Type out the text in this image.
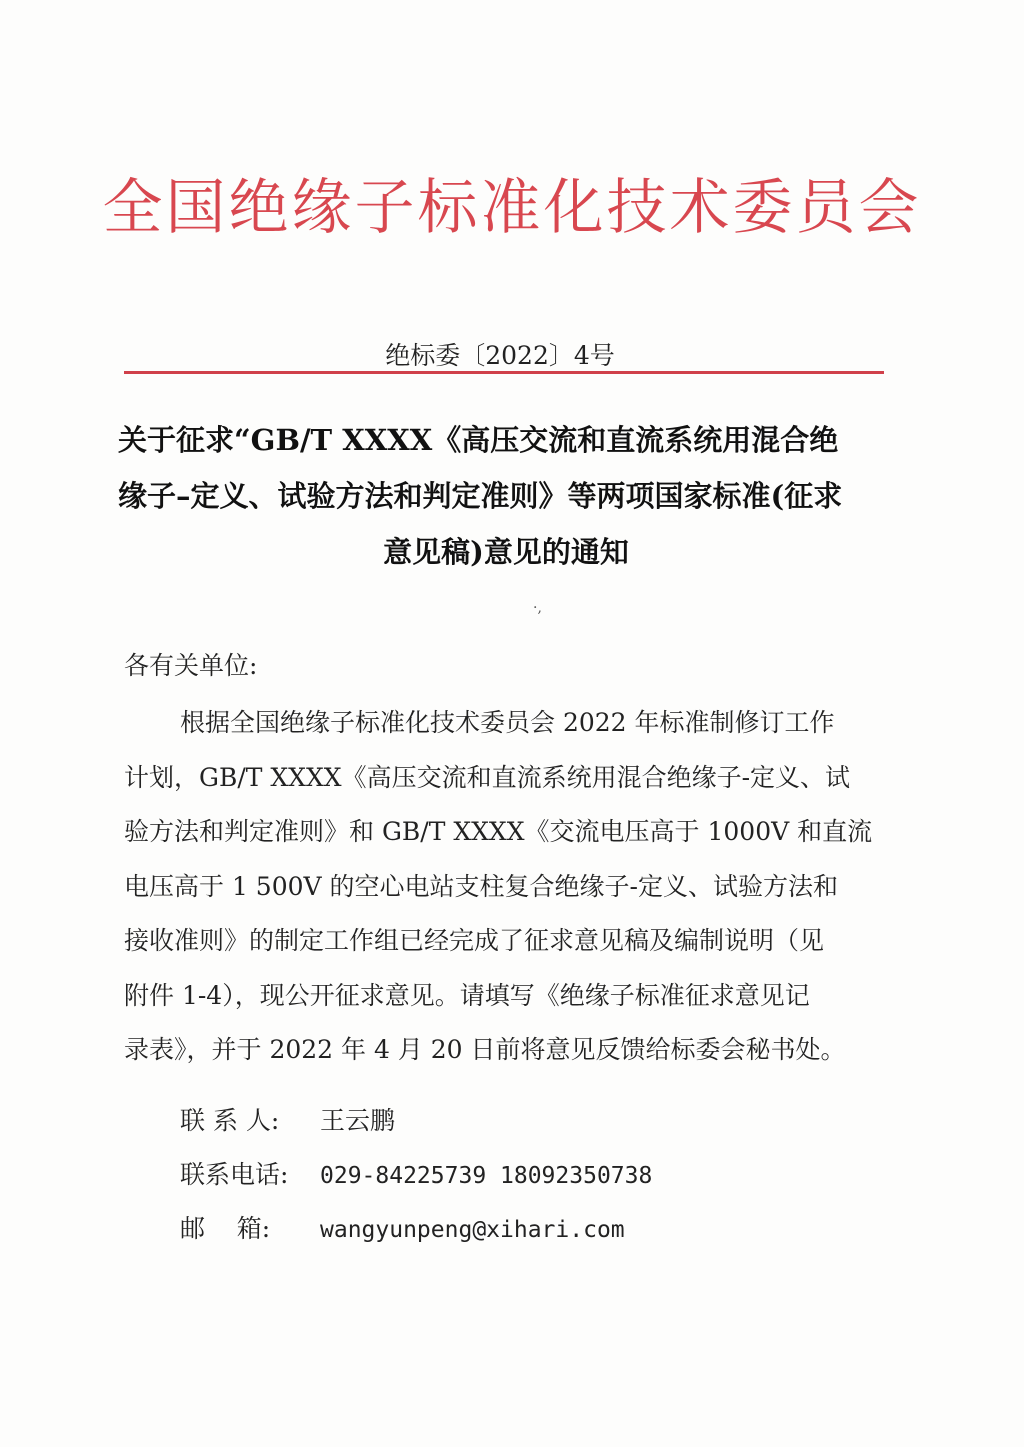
全国绝缘子标准化技术委员会
绝标委〔2022〕4号
关于征求“GB/T XXXX《高压交流和直流系统用混合绝
缘子–定义、试验方法和判定准则》等两项国家标准(征求
意见稿)意见的通知
·,
各有关单位:
根据全国绝缘子标准化技术委员会 2022 年标准制修订工作
计划，GB/T XXXX《高压交流和直流系统用混合绝缘子-定义、试
验方法和判定准则》和 GB/T XXXX《交流电压高于 1000V 和直流
电压高于 1 500V 的空心电站支柱复合绝缘子-定义、试验方法和
接收准则》的制定工作组已经完成了征求意见稿及编制说明（见
附件 1-4），现公开征求意见。请填写《绝缘子标准征求意见记
录表》，并于 2022 年 4 月 20 日前将意见反馈给标委会秘书处。
联 系 人: 王云鹏
联系电话: 029-84225739 18092350738
邮    箱: wangyunpeng@xihari.com
